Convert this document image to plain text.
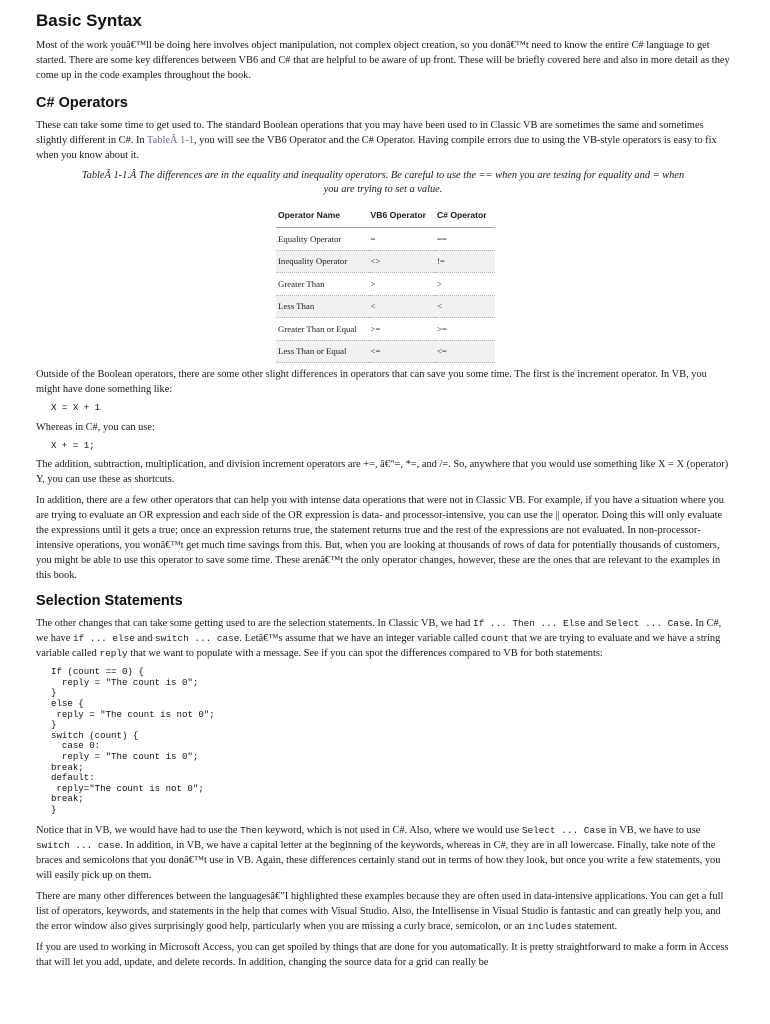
Basic Syntax

Most of the work youâ€™ll be doing here involves object manipulation, not complex object creation, so you donâ€™t need to know the entire C# language to get started. There are some key differences between VB6 and C# that are helpful to be aware of up front. These will be briefly covered here and also in more detail as they come up in the code examples throughout the book.

C# Operators

These can take some time to get used to. The standard Boolean operations that you may have been used to in Classic VB are sometimes the same and sometimes slightly different in C#. In TableÂ 1-1, you will see the VB6 Operator and the C# Operator. Having compile errors due to using the VB-style operators is easy to fix when you know about it.

TableÂ 1-1.Â The differences are in the equality and inequality operators. Be careful to use the == when you are testing for equality and = when you are trying to set a value.
Operator Name	VB6 Operator	C# Operator
Equality Operator	=	==
Inequality Operator	<>	!=
Greater Than	>	>
Less Than	<	<
Greater Than or Equal	>=	>=
Less Than or Equal	<=	<=

Outside of the Boolean operators, there are some other slight differences in operators that can save you some time. The first is the increment operator. In VB, you might have done something like:

X = X + 1

Whereas in C#, you can use:

X + = 1;

The addition, subtraction, multiplication, and division increment operators are +=, â€“=, *=, and /=. So, anywhere that you would use something like X = X (operator) Y, you can use these as shortcuts.

In addition, there are a few other operators that can help you with intense data operations that were not in Classic VB. For example, if you have a situation where you are trying to evaluate an OR expression and each side of the OR expression is data- and processor-intensive, you can use the || operator. Doing this will only evaluate the expressions until it gets a true; once an expression returns true, the statement returns true and the rest of the expressions are not evaluated. In non-processor-intensive operations, you wonâ€™t get much time savings from this. But, when you are looking at thousands of rows of data for potentially thousands of customers, you might be able to use this operator to save some time. These arenâ€™t the only operator changes, however, these are the ones that are relevant to the examples in this book.

Selection Statements

The other changes that can take some getting used to are the selection statements. In Classic VB, we had If ... Then ... Else and Select ... Case. In C#, we have if ... else and switch ... case. Letâ€™s assume that we have an integer variable called count that we are trying to evaluate and we have a string variable called reply that we want to populate with a message. See if you can spot the differences compared to VB for both statements:

If (count == 0) {
reply = "The count is 0";
}
else {
reply = "The count is not 0";
}
switch (count) {
case 0:
reply = "The count is 0";
break;
default:
reply="The count is not 0";
break;
}

Notice that in VB, we would have had to use the Then keyword, which is not used in C#. Also, where we would use Select ... Case in VB, we have to use switch ... case. In addition, in VB, we have a capital letter at the beginning of the keywords, whereas in C#, they are in all lowercase. Finally, take note of the braces and semicolons that you donâ€™t use in VB. Again, these differences certainly stand out in terms of how they look, but once you write a few statements, you will easily pick up on them.

There are many other differences between the languagesâ€”I highlighted these examples because they are often used in data-intensive applications. You can get a full list of operators, keywords, and statements in the help that comes with Visual Studio. Also, the Intellisense in Visual Studio is fantastic and can greatly help you, and the error window also gives surprisingly good help, particularly when you are missing a curly brace, semicolon, or an includes statement.

If you are used to working in Microsoft Access, you can get spoiled by things that are done for you automatically. It is pretty straightforward to make a form in Access that will let you add, update, and delete records. In addition, changing the source data for a grid can really be
